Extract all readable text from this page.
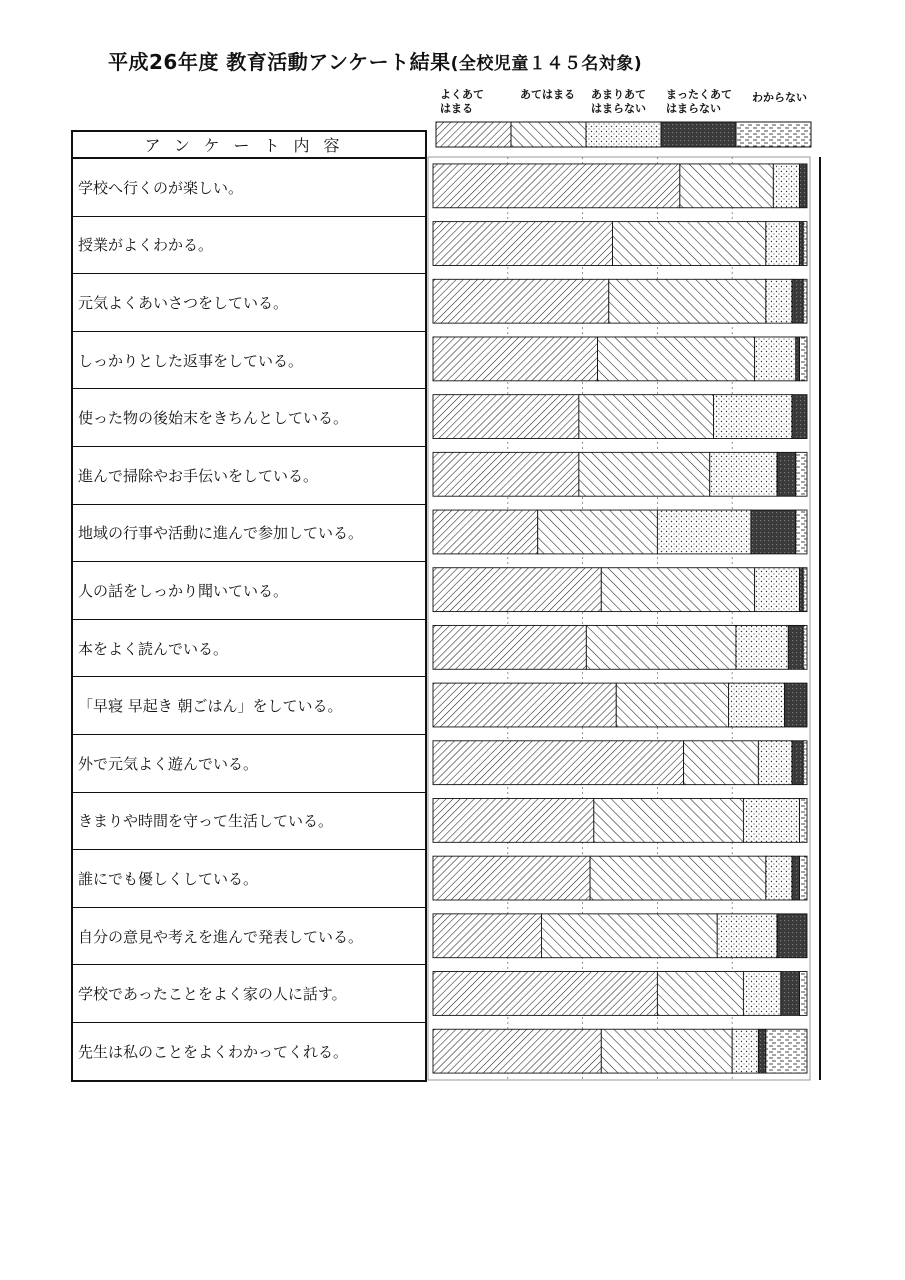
平成26年度 教育活動アンケート結果(全校児童１４５名対象)
よくあて
はまる
あてはまる あまりあて
はまらない
まったくあて
はまらない
わからない
アンケート内容
学校へ行くのが楽しい。
授業がよくわかる。
元気よくあいさつをしている。
しっかりとした返事をしている。
使った物の後始末をきちんとしている。
進んで掃除やお手伝いをしている。
地域の行事や活動に進んで参加している。
人の話をしっかり聞いている。
本をよく読んでいる。
「早寝 早起き 朝ごはん」をしている。
外で元気よく遊んでいる。
きまりや時間を守って生活している。
誰にでも優しくしている。
自分の意見や考えを進んで発表している。
学校であったことをよく家の人に話す。
先生は私のことをよくわかってくれる。
